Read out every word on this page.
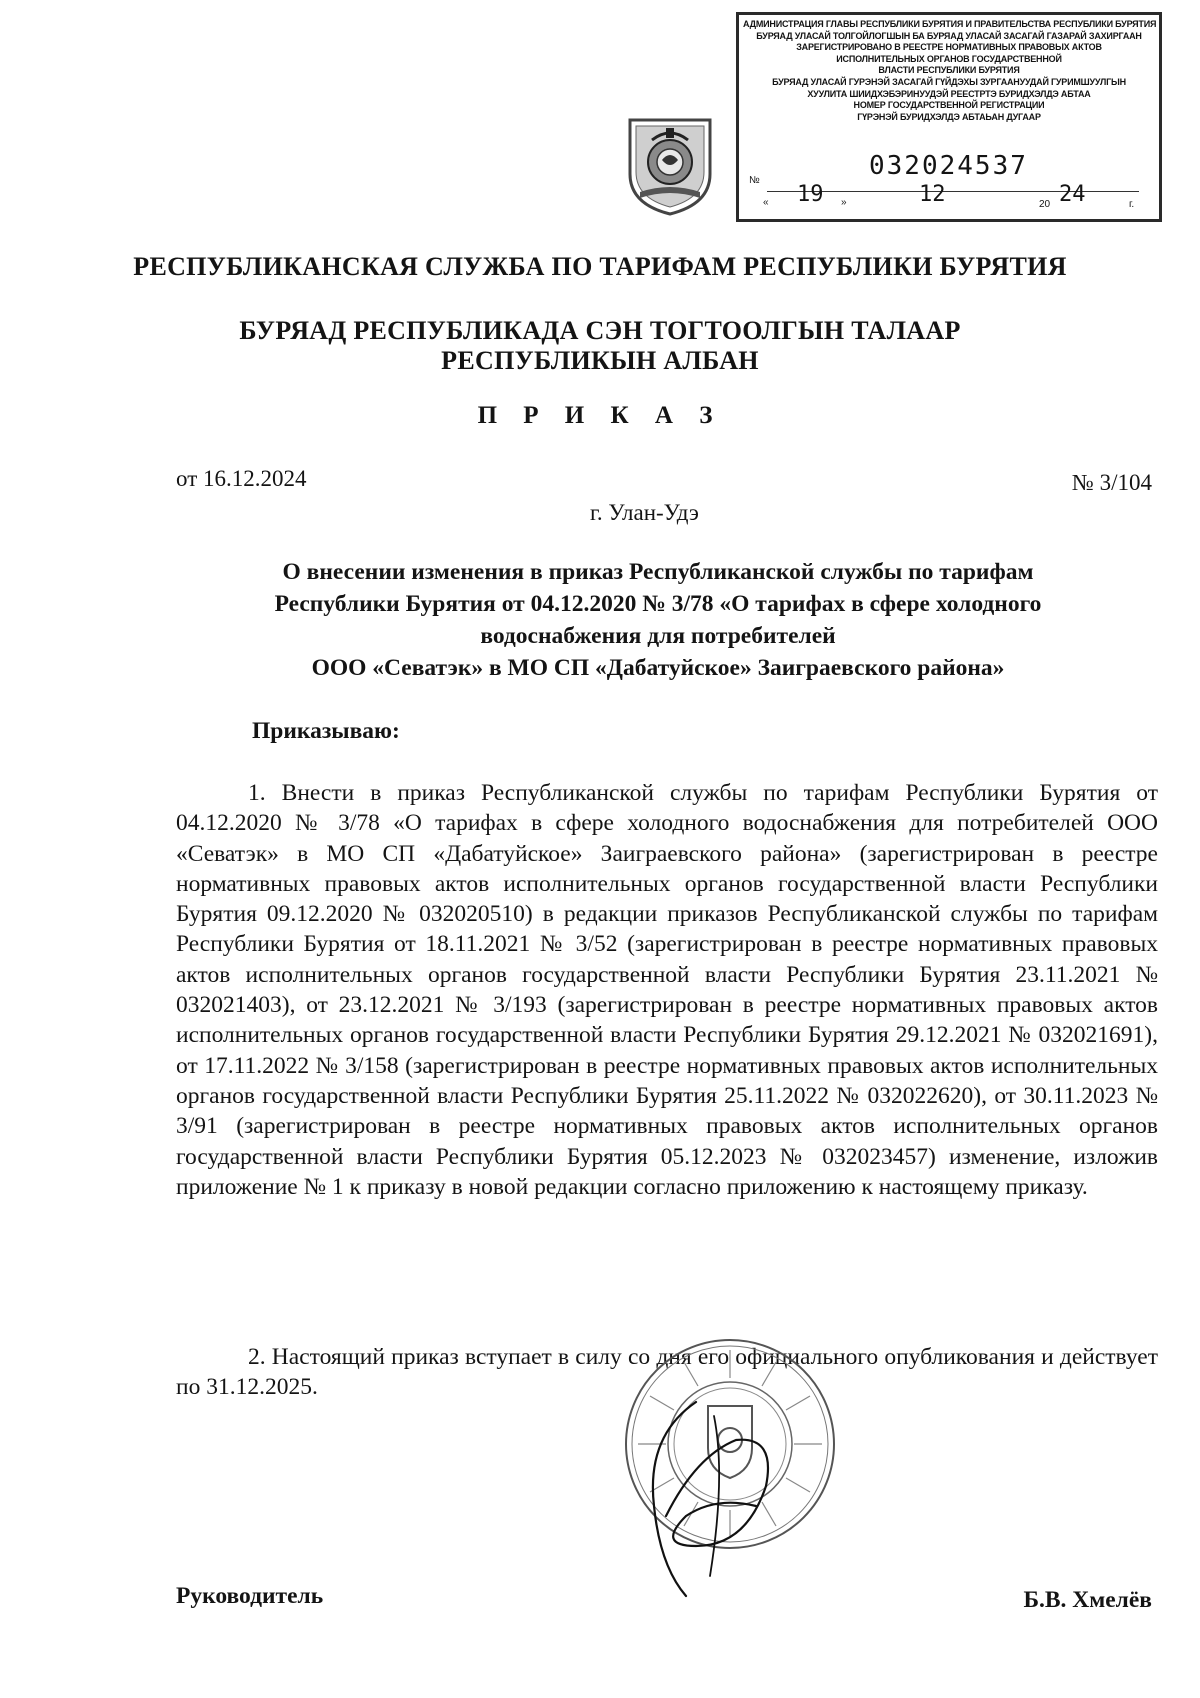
АДМИНИСТРАЦИЯ ГЛАВЫ РЕСПУБЛИКИ БУРЯТИЯ И ПРАВИТЕЛЬСТВА РЕСПУБЛИКИ БУРЯТИЯ
БУРЯАД УЛАСАЙ ТОЛГОЙЛОГШЫН БА БУРЯАД УЛАСАЙ ЗАСАГАЙ ГАЗАРАЙ ЗАХИРГААН
ЗАРЕГИСТРИРОВАНО В РЕЕСТРЕ НОРМАТИВНЫХ ПРАВОВЫХ АКТОВ
ИСПОЛНИТЕЛЬНЫХ ОРГАНОВ ГОСУДАРСТВЕННОЙ
ВЛАСТИ РЕСПУБЛИКИ БУРЯТИЯ
БУРЯАД УЛАСАЙ ГУРЭНЭЙ ЗАСАГАЙ ГҮЙДЭХЫ ЗУРГААНУУДАЙ ГУРИМШУУЛГЫН
ХУУЛИТА ШИИДХЭБЭРИНУУДЭЙ РЕЕСТРТЭ БУРИДХЭЛДЭ АБТАА
НОМЕР ГОСУДАРСТВЕННОЙ РЕГИСТРАЦИИ
ГҮРЭНЭЙ БУРИДХЭЛДЭ АБТАЬАН ДУГААР
№	032024537
« 19 »	12	20 24	г.
РЕСПУБЛИКАНСКАЯ СЛУЖБА ПО ТАРИФАМ РЕСПУБЛИКИ БУРЯТИЯ
БУРЯАД РЕСПУБЛИКАДА СЭН ТОГТООЛГЫН ТАЛААР
РЕСПУБЛИКЫН АЛБАН
П Р И К А З
от 16.12.2024	№ 3/104
г. Улан-Удэ
О внесении изменения в приказ Республиканской службы по тарифам
Республики Бурятия от 04.12.2020 № 3/78 «О тарифах в сфере холодного
водоснабжения для потребителей
ООО «Севатэк» в МО СП «Дабатуйское» Заиграевского района»
Приказываю:
1. Внести в приказ Республиканской службы по тарифам Республики Бурятия от 04.12.2020 № 3/78 «О тарифах в сфере холодного водоснабжения для потребителей ООО «Севатэк» в МО СП «Дабатуйское» Заиграевского района» (зарегистрирован в реестре нормативных правовых актов исполнительных органов государственной власти Республики Бурятия 09.12.2020 № 032020510) в редакции приказов Республиканской службы по тарифам Республики Бурятия от 18.11.2021 № 3/52 (зарегистрирован в реестре нормативных правовых актов исполнительных органов государственной власти Республики Бурятия 23.11.2021 № 032021403), от 23.12.2021 № 3/193 (зарегистрирован в реестре нормативных правовых актов исполнительных органов государственной власти Республики Бурятия 29.12.2021 № 032021691), от 17.11.2022 № 3/158 (зарегистрирован в реестре нормативных правовых актов исполнительных органов государственной власти Республики Бурятия 25.11.2022 № 032022620), от 30.11.2023 № 3/91 (зарегистрирован в реестре нормативных правовых актов исполнительных органов государственной власти Республики Бурятия 05.12.2023 № 032023457) изменение, изложив приложение № 1 к приказу в новой редакции согласно приложению к настоящему приказу.
2. Настоящий приказ вступает в силу со дня его официального опубликования и действует по 31.12.2025.
Руководитель	Б.В. Хмелёв
